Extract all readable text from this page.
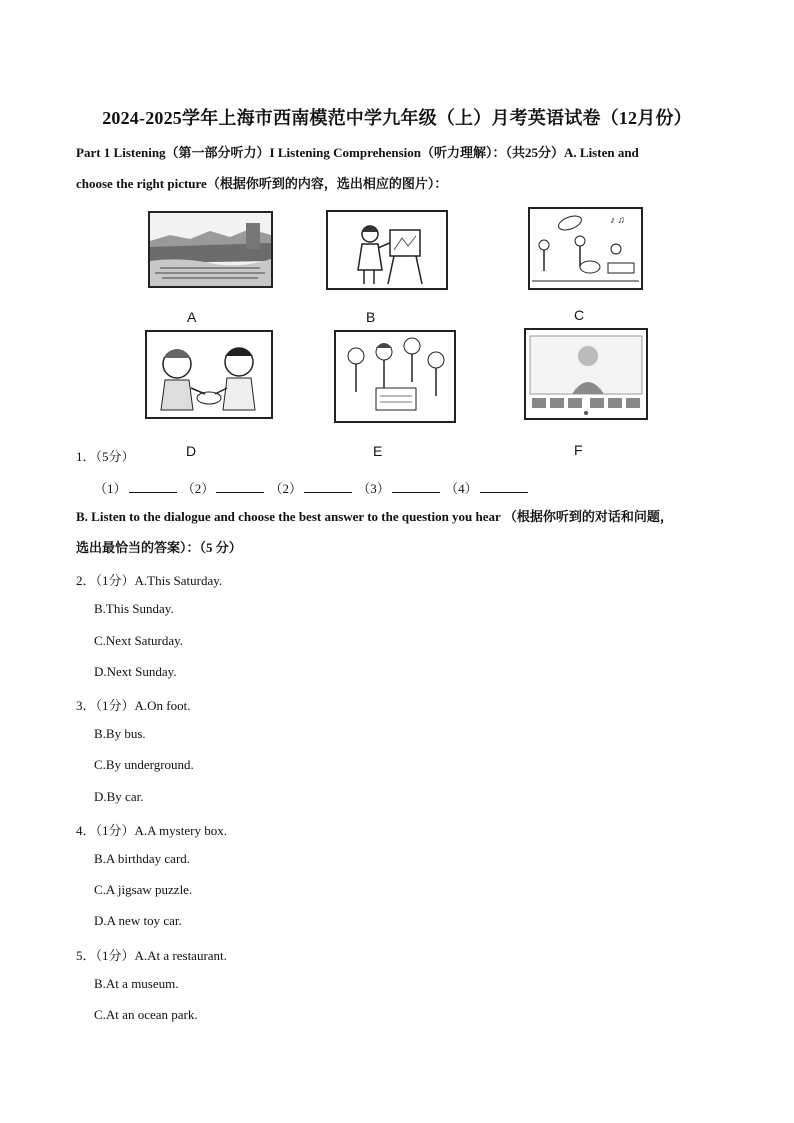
2024-2025学年上海市西南模范中学九年级（上）月考英语试卷（12月份）
Part 1 Listening（第一部分听力）I Listening Comprehension（听力理解）：（共25分）A. Listen and
choose the right picture（根据你听到的内容，选出相应的图片）：
A	B
♪ ♫
C
D	E	F
1．（5分）
（1）	（2）	（2）	（3）	（4）
B. Listen to the dialogue and choose the best answer to the question you hear （根据你听到的对话和问题，
选出最恰当的答案）：（5 分）
2．（1分）A.This Saturday.
B.This Sunday.
C.Next Saturday.
D.Next Sunday.
3．（1分）A.On foot.
B.By bus.
C.By underground.
D.By car.
4．（1分）A.A mystery box.
B.A birthday card.
C.A jigsaw puzzle.
D.A new toy car.
5．（1分）A.At a restaurant.
B.At a museum.
C.At an ocean park.
